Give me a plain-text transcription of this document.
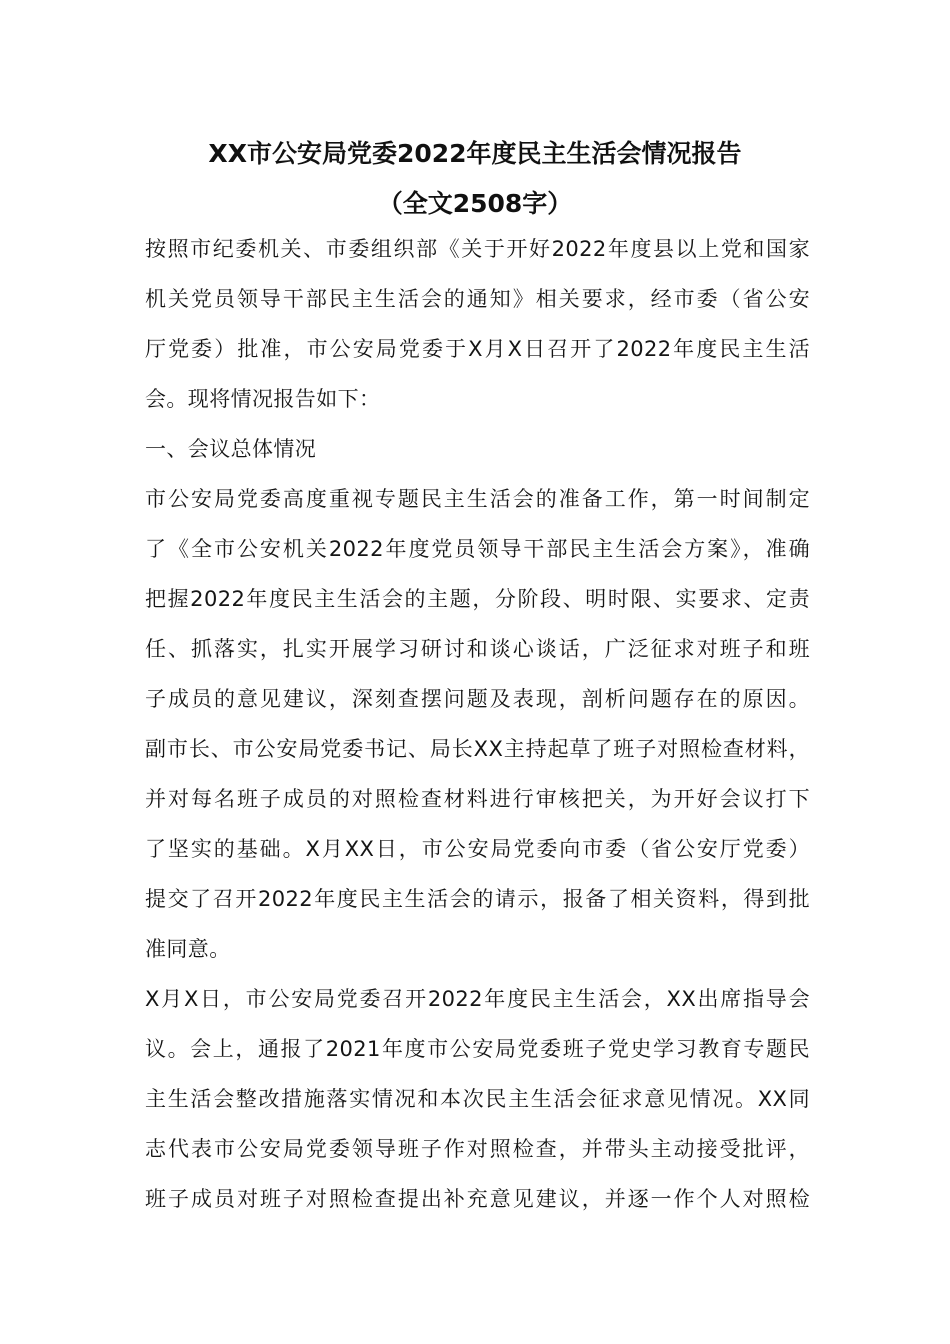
XX市公安局党委2022年度民主生活会情况报告
（全文2508字）
按照市纪委机关、市委组织部《关于开好2022年度县以上党和国家
机关党员领导干部民主生活会的通知》相关要求，经市委（省公安
厅党委）批准，市公安局党委于X月X日召开了2022年度民主生活
会。现将情况报告如下：
一、会议总体情况
市公安局党委高度重视专题民主生活会的准备工作，第一时间制定
了《全市公安机关2022年度党员领导干部民主生活会方案》，准确
把握2022年度民主生活会的主题，分阶段、明时限、实要求、定责
任、抓落实，扎实开展学习研讨和谈心谈话，广泛征求对班子和班
子成员的意见建议，深刻查摆问题及表现，剖析问题存在的原因。
副市长、市公安局党委书记、局长XX主持起草了班子对照检查材料，
并对每名班子成员的对照检查材料进行审核把关，为开好会议打下
了坚实的基础。X月XX日，市公安局党委向市委（省公安厅党委）
提交了召开2022年度民主生活会的请示，报备了相关资料，得到批
准同意。
X月X日，市公安局党委召开2022年度民主生活会，XX出席指导会
议。会上，通报了2021年度市公安局党委班子党史学习教育专题民
主生活会整改措施落实情况和本次民主生活会征求意见情况。XX同
志代表市公安局党委领导班子作对照检查，并带头主动接受批评，
班子成员对班子对照检查提出补充意见建议，并逐一作个人对照检
